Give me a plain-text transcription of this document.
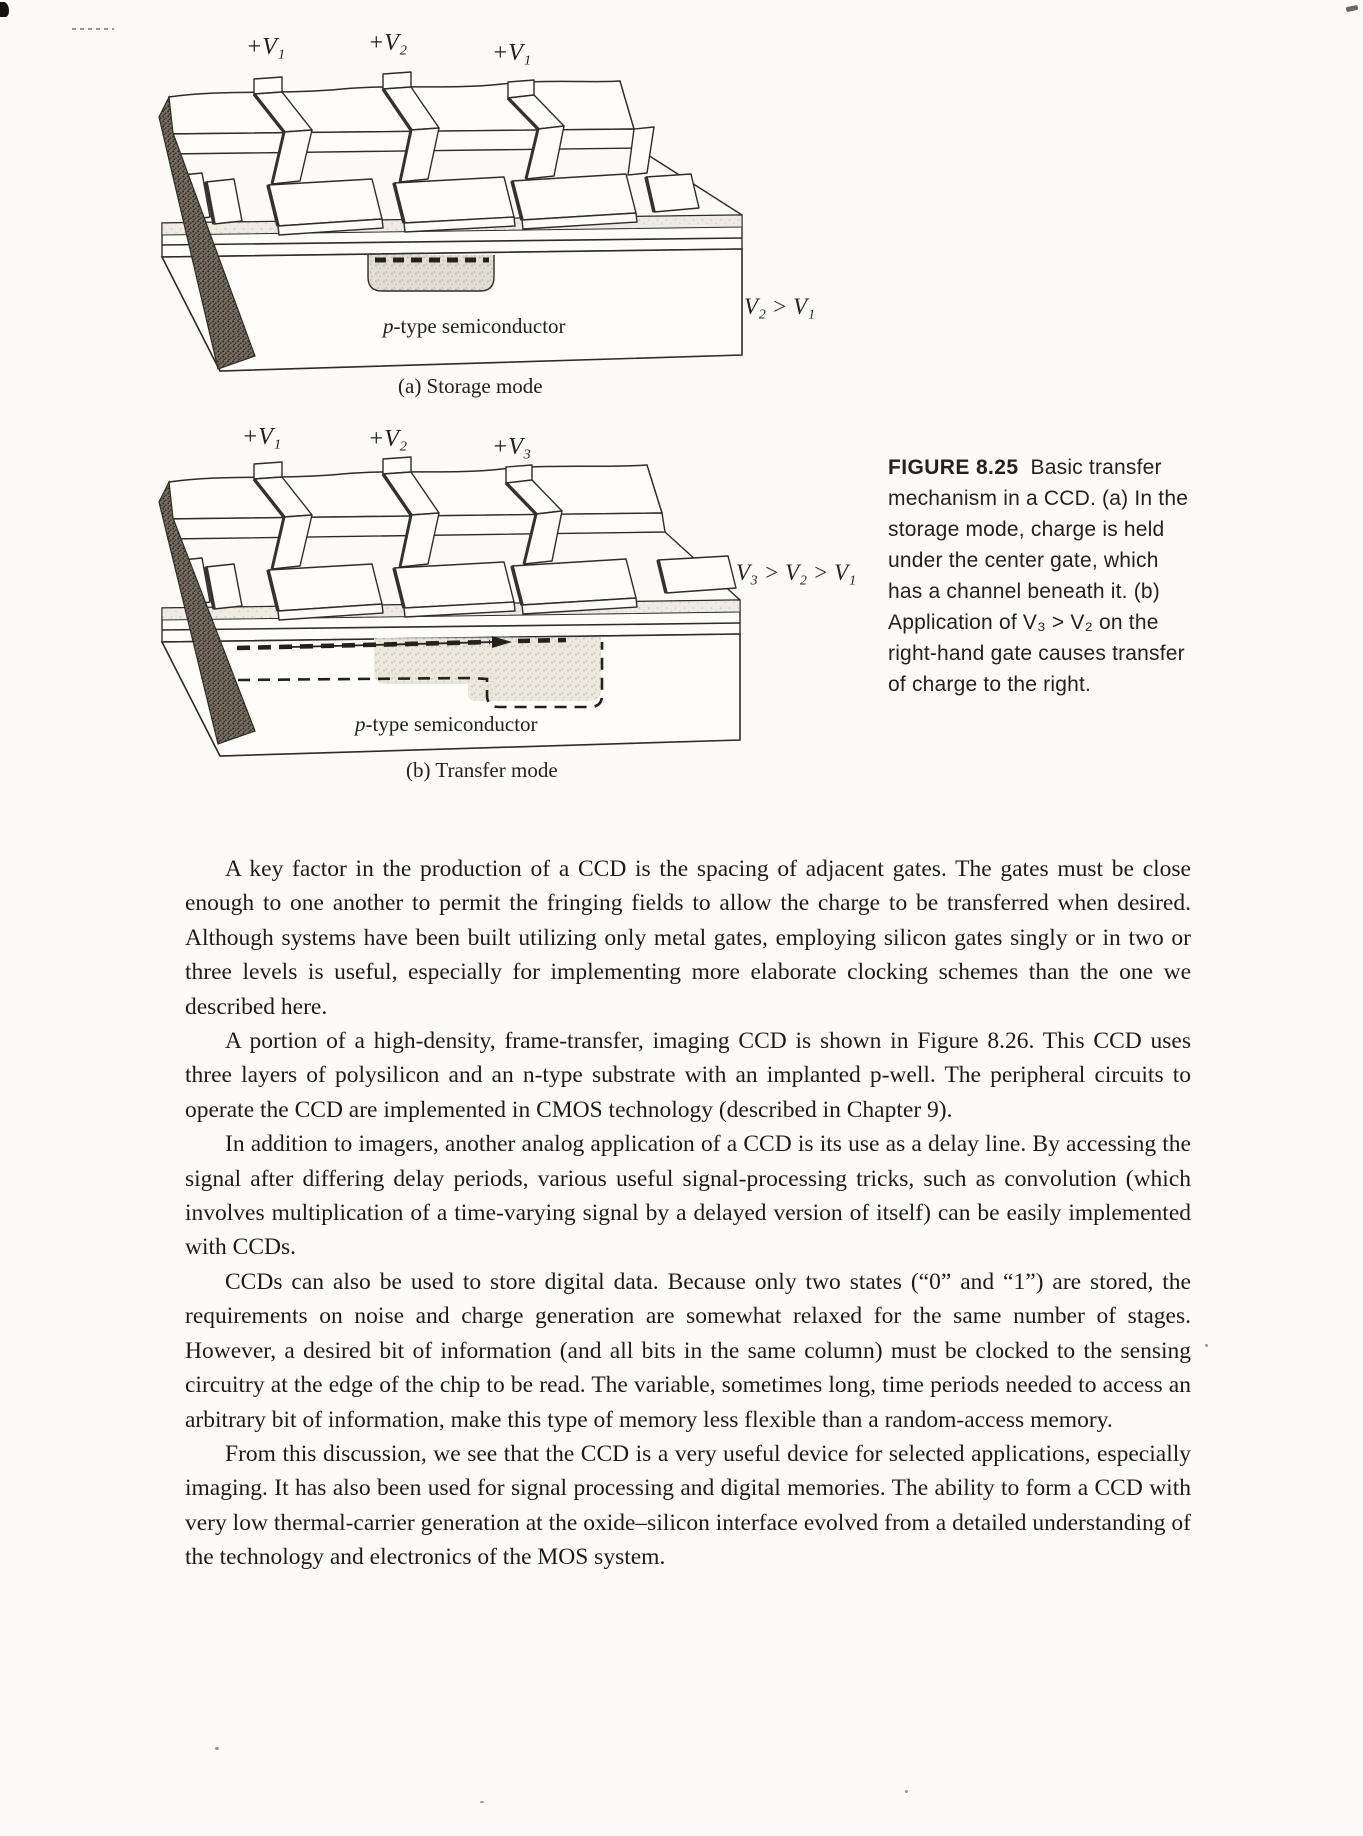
+V₁	+V₂	+V₁
V₂ > V₁
p-type semiconductor
(a) Storage mode
+V₁	+V₂	+V₃
V₃ > V₂ > V₁
p-type semiconductor
(b) Transfer mode
FIGURE 8.25 Basic transfer mechanism in a CCD. (a) In the storage mode, charge is held under the center gate, which has a channel beneath it. (b) Application of V₃ > V₂ on the right-hand gate causes transfer of charge to the right.

A key factor in the production of a CCD is the spacing of adjacent gates. The gates must be close enough to one another to permit the fringing fields to allow the charge to be transferred when desired. Although systems have been built utilizing only metal gates, employing silicon gates singly or in two or three levels is useful, especially for implementing more elaborate clocking schemes than the one we described here.

A portion of a high-density, frame-transfer, imaging CCD is shown in Figure 8.26. This CCD uses three layers of polysilicon and an n-type substrate with an implanted p-well. The peripheral circuits to operate the CCD are implemented in CMOS technology (described in Chapter 9).

In addition to imagers, another analog application of a CCD is its use as a delay line. By accessing the signal after differing delay periods, various useful signal-processing tricks, such as convolution (which involves multiplication of a time-varying signal by a delayed version of itself) can be easily implemented with CCDs.

CCDs can also be used to store digital data. Because only two states (“0” and “1”) are stored, the requirements on noise and charge generation are somewhat relaxed for the same number of stages. However, a desired bit of information (and all bits in the same column) must be clocked to the sensing circuitry at the edge of the chip to be read. The variable, sometimes long, time periods needed to access an arbitrary bit of information, make this type of memory less flexible than a random-access memory.

From this discussion, we see that the CCD is a very useful device for selected applications, especially imaging. It has also been used for signal processing and digital memories. The ability to form a CCD with very low thermal-carrier generation at the oxide–silicon interface evolved from a detailed understanding of the technology and electronics of the MOS system.
